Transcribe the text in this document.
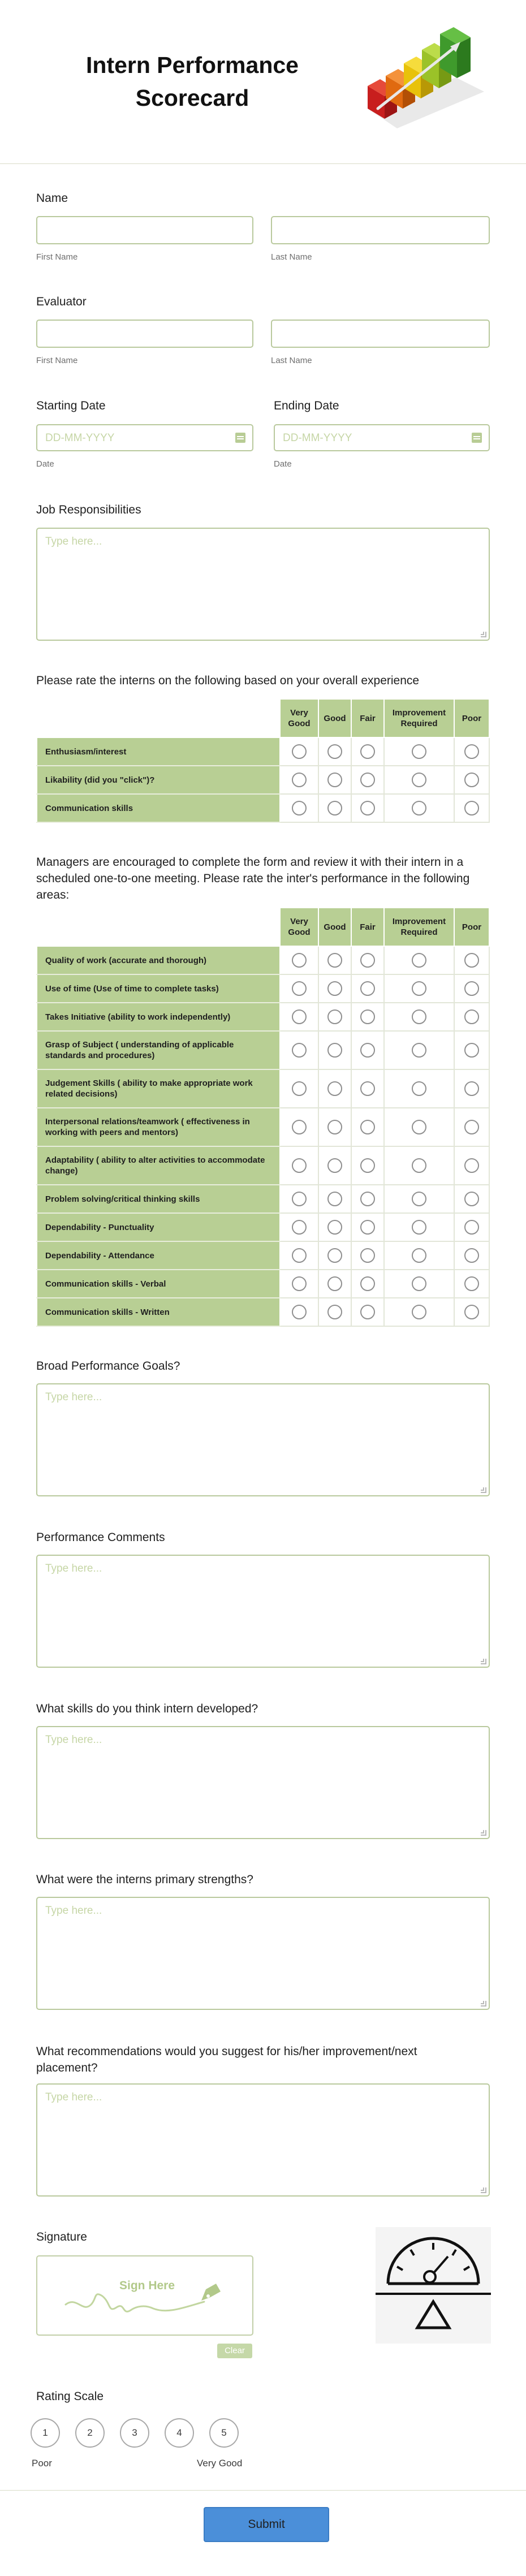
Intern Performance Scorecard
Name
First Name	Last Name
Evaluator
First Name	Last Name
Starting Date
DD-MM-YYYY
Date
Ending Date
DD-MM-YYYY
Date
Job Responsibilities
Type here...
Please rate the interns on the following based on your overall experience
	Very Good	Good	Fair	Improvement Required	Poor
Enthusiasm/interest					
Likability (did you "click")?					
Communication skills					
Managers are encouraged to complete the form and review it with their intern in a scheduled one-to-one meeting. Please rate the inter's performance in the following areas:
	Very Good	Good	Fair	Improvement Required	Poor
Quality of work (accurate and thorough)					
Use of time (Use of time to complete tasks)					
Takes Initiative (ability to work independently)					
Grasp of Subject ( understanding of applicable standards and procedures)					
Judgement Skills ( ability to make appropriate work related decisions)					
Interpersonal relations/teamwork ( effectiveness in working with peers and mentors)					
Adaptability ( ability to alter activities to accommodate change)					
Problem solving/critical thinking skills					
Dependability - Punctuality					
Dependability - Attendance					
Communication skills - Verbal					
Communication skills - Written					
Broad Performance Goals?
Type here...
Performance Comments
Type here...
What skills do you think intern developed?
Type here...
What were the interns primary strengths?
Type here...
What recommendations would you suggest for his/her improvement/next placement?
Type here...
Signature
Sign Here
Clear
Rating Scale
1	2	3	4	5
Poor	Very Good
Submit
